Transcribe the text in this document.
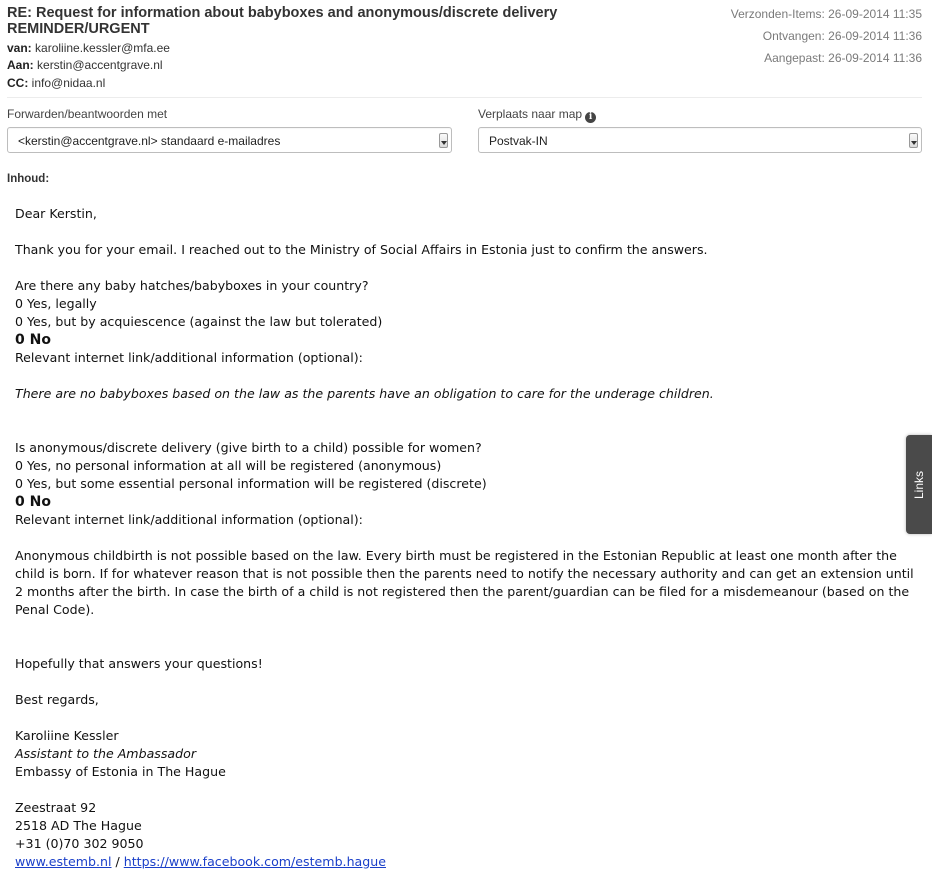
RE: Request for information about babyboxes and anonymous/discrete delivery REMINDER/URGENT
van: karoliine.kessler@mfa.ee
Aan: kerstin@accentgrave.nl
CC: info@nidaa.nl
Verzonden-Items: 26-09-2014 11:35
Ontvangen: 26-09-2014 11:36
Aangepast: 26-09-2014 11:36
Forwarden/beantwoorden met	Verplaats naar map i
<kerstin@accentgrave.nl> standaard e-mailadres	Postvak-IN
Inhoud:

Dear Kerstin,

Thank you for your email. I reached out to the Ministry of Social Affairs in Estonia just to confirm the answers.

Are there any baby hatches/babyboxes in your country?

0 Yes, legally

0 Yes, but by acquiescence (against the law but tolerated)

0 No

Relevant internet link/additional information (optional):

There are no babyboxes based on the law as the parents have an obligation to care for the underage children.

Is anonymous/discrete delivery (give birth to a child) possible for women?

0 Yes, no personal information at all will be registered (anonymous)

0 Yes, but some essential personal information will be registered (discrete)

0 No

Relevant internet link/additional information (optional):

Anonymous childbirth is not possible based on the law. Every birth must be registered in the Estonian Republic at least one month after the child is born. If for whatever reason that is not possible then the parents need to notify the necessary authority and can get an extension until 2 months after the birth. In case the birth of a child is not registered then the parent/guardian can be filed for a misdemeanour (based on the Penal Code).

Hopefully that answers your questions!

Best regards,

Karoliine Kessler

Assistant to the Ambassador

Embassy of Estonia in The Hague

Zeestraat 92

2518 AD The Hague

+31 (0)70 302 9050

www.estemb.nl / https://www.facebook.com/estemb.hague

Links
